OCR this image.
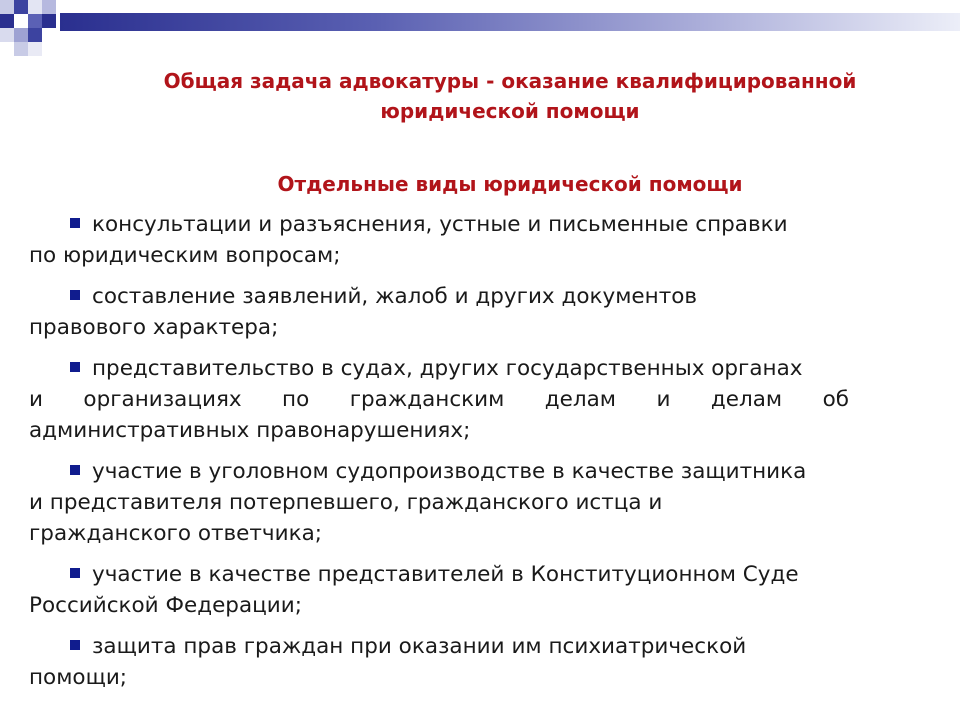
Общая задача адвокатуры - оказание квалифицированной
юридической помощи
Отдельные виды юридической помощи
консультации и разъяснения, устные и письменные справки
по юридическим вопросам;
составление заявлений, жалоб и других документов
правового характера;
представительство в судах, других государственных органах
и организациях по гражданским делам и делам об
административных правонарушениях;
участие в уголовном судопроизводстве в качестве защитника
и представителя потерпевшего, гражданского истца и
гражданского ответчика;
участие в качестве представителей в Конституционном Суде
Российской Федерации;
защита прав граждан при оказании им психиатрической
помощи;
